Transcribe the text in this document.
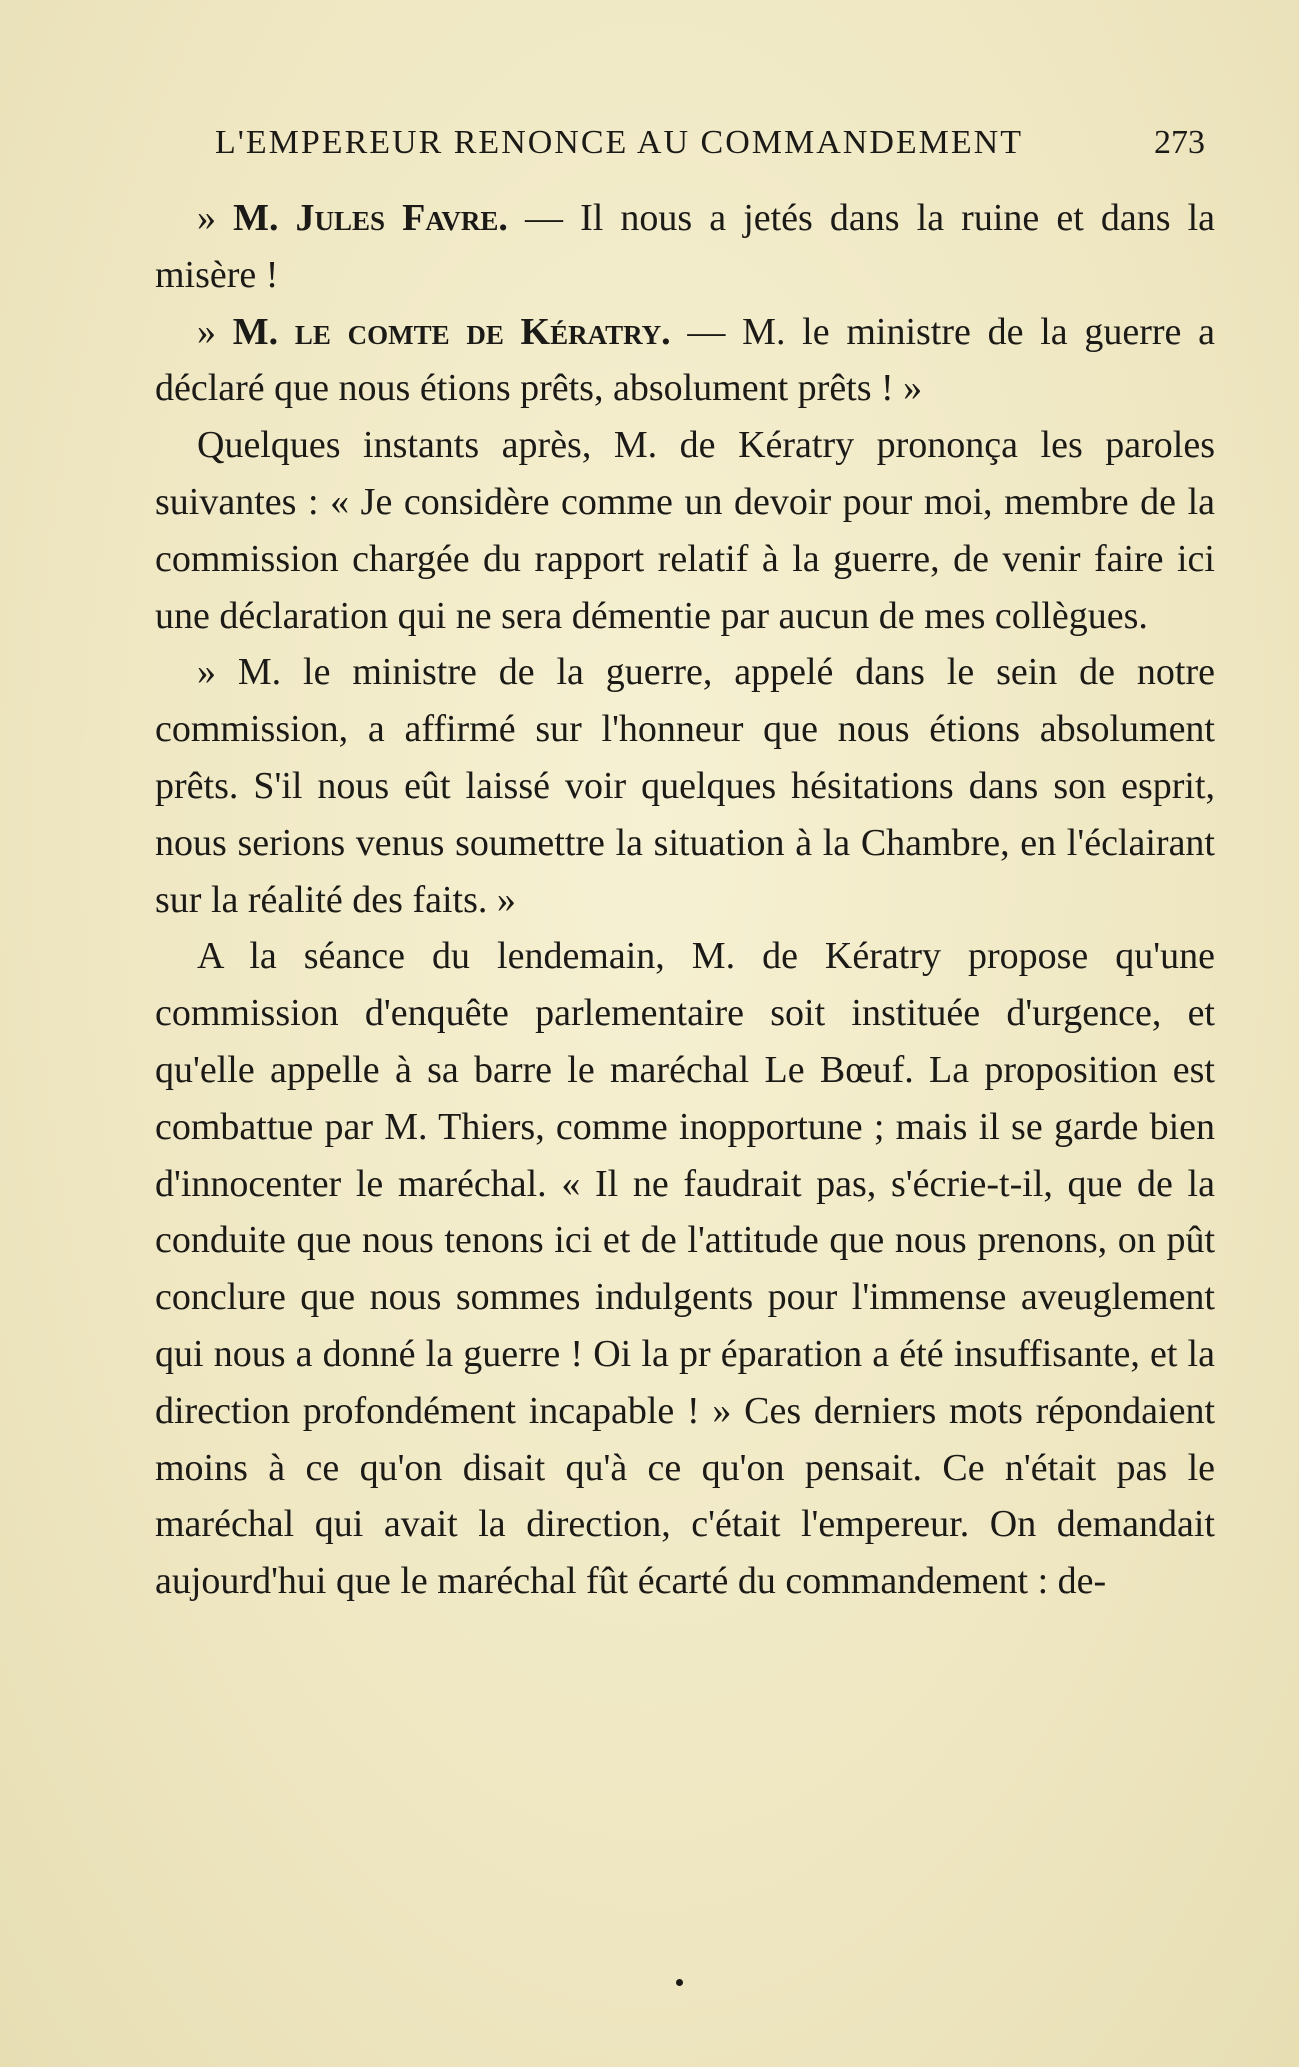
L'EMPEREUR RENONCE AU COMMANDEMENT	273

» M. Jules Favre. — Il nous a jetés dans la ruine et dans la misère !

» M. le comte de Kératry. — M. le ministre de la guerre a déclaré que nous étions prêts, absolument prêts ! »

Quelques instants après, M. de Kératry prononça les paroles suivantes : « Je considère comme un devoir pour moi, membre de la commission chargée du rapport relatif à la guerre, de venir faire ici une déclaration qui ne sera démentie par aucun de mes collègues.

» M. le ministre de la guerre, appelé dans le sein de notre commission, a affirmé sur l'honneur que nous étions absolument prêts. S'il nous eût laissé voir quelques hésitations dans son esprit, nous serions venus soumettre la situation à la Chambre, en l'éclairant sur la réalité des faits. »

A la séance du lendemain, M. de Kératry propose qu'une commission d'enquête parlementaire soit instituée d'urgence, et qu'elle appelle à sa barre le maréchal Le Bœuf. La proposition est combattue par M. Thiers, comme inopportune ; mais il se garde bien d'innocenter le maréchal. « Il ne faudrait pas, s'écrie-t-il, que de la conduite que nous tenons ici et de l'attitude que nous prenons, on pût conclure que nous sommes indulgents pour l'immense aveuglement qui nous a donné la guerre ! Oi la pr éparation a été insuffisante, et la direction profondément incapable ! » Ces derniers mots répondaient moins à ce qu'on disait qu'à ce qu'on pensait. Ce n'était pas le maréchal qui avait la direction, c'était l'empereur. On demandait aujourd'hui que le maréchal fût écarté du commandement : de-
